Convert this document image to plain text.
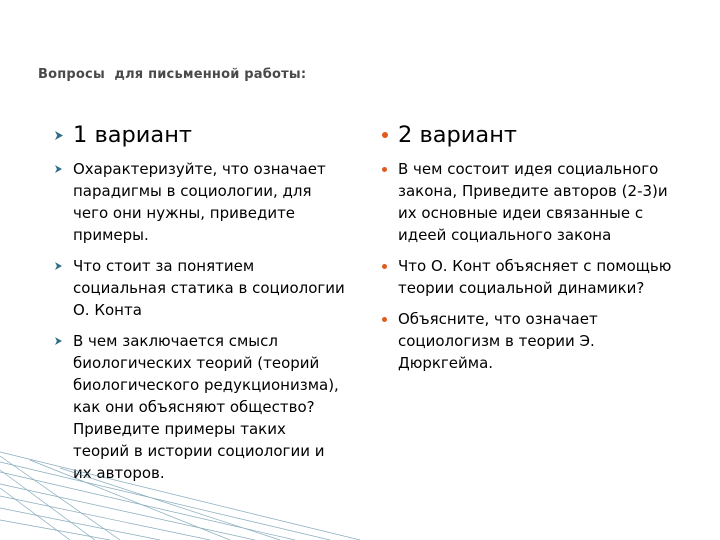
Вопросы  для письменной работы:
1 вариант
Охарактеризуйте, что означает парадигмы в социологии, для чего они нужны, приведите примеры.
Что стоит за понятием социальная статика в социологии О. Конта
В чем заключается смысл биологических теорий (теорий биологического редукционизма), как они объясняют общество? Приведите примеры таких теорий в истории социологии и их авторов.
2 вариант
В чем состоит идея социального закона, Приведите авторов (2-3)и их основные идеи связанные с идеей социального закона
Что О. Конт объясняет с помощью теории социальной динамики?
Объясните, что означает социологизм в теории Э. Дюркгейма.
